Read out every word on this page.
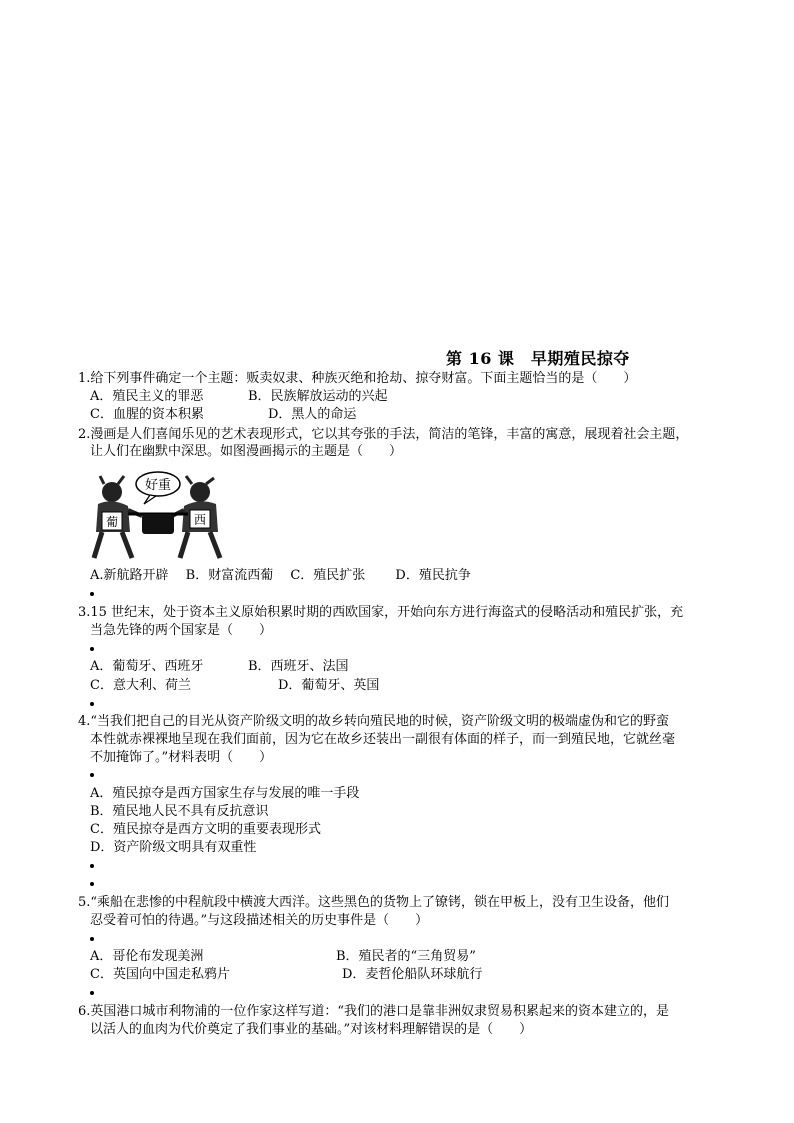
第 16 课　早期殖民掠夺
1.给下列事件确定一个主题：贩卖奴隶、种族灭绝和抢劫、掠夺财富。下面主题恰当的是（　　）
A．殖民主义的罪恶	B．民族解放运动的兴起
C．血腥的资本积累	D．黑人的命运
2.漫画是人们喜闻乐见的艺术表现形式，它以其夸张的手法，简洁的笔锋，丰富的寓意，展现着社会主题，
让人们在幽默中深思。如图漫画揭示的主题是（　　）
好重
葡	西
A.新航路开辟　 B．财富流西葡　 C．殖民扩张　　 D．殖民抗争
3.15 世纪末，处于资本主义原始积累时期的西欧国家，开始向东方进行海盗式的侵略活动和殖民扩张，充
当急先锋的两个国家是（　　）
A．葡萄牙、西班牙	B．西班牙、法国
C．意大利、荷兰	D．葡萄牙、英国
4.“当我们把自己的目光从资产阶级文明的故乡转向殖民地的时候，资产阶级文明的极端虚伪和它的野蛮
本性就赤裸裸地呈现在我们面前，因为它在故乡还装出一副很有体面的样子，而一到殖民地，它就丝毫
不加掩饰了。”材料表明（　　）
A．殖民掠夺是西方国家生存与发展的唯一手段
B．殖民地人民不具有反抗意识
C．殖民掠夺是西方文明的重要表现形式
D．资产阶级文明具有双重性
5.“乘船在悲惨的中程航段中横渡大西洋。这些黑色的货物上了镣铐，锁在甲板上，没有卫生设备，他们
忍受着可怕的待遇。”与这段描述相关的历史事件是（　　）
A．哥伦布发现美洲	B．殖民者的“三角贸易”
C．英国向中国走私鸦片	D．麦哲伦船队环球航行
6.英国港口城市利物浦的一位作家这样写道：“我们的港口是靠非洲奴隶贸易积累起来的资本建立的，是
以活人的血肉为代价奠定了我们事业的基础。”对该材料理解错误的是（　　）
